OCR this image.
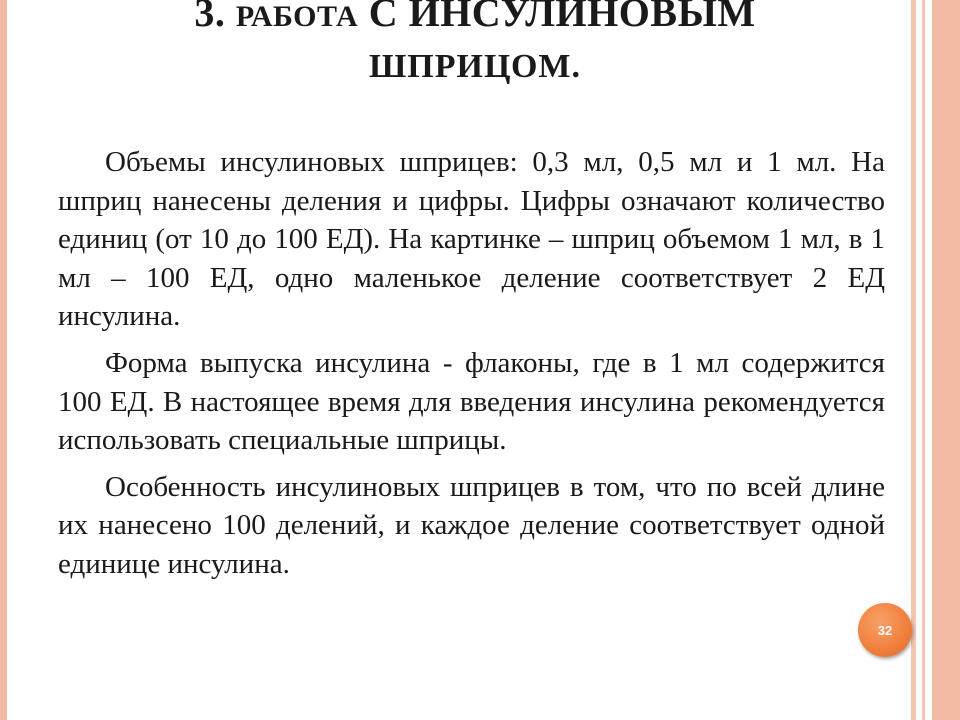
3. РАБОТА С ИНСУЛИНОВЫМ
ШПРИЦОМ.

Объемы инсулиновых шприцев: 0,3 мл, 0,5 мл и 1 мл. На шприц нанесены деления и цифры. Цифры означают количество единиц (от 10 до 100 ЕД). На картинке – шприц объемом 1 мл, в 1 мл – 100 ЕД, одно маленькое деление соответствует 2 ЕД инсулина.

Форма выпуска инсулина - флаконы, где в 1 мл содержится 100 ЕД. В настоящее время для введения инсулина рекомендуется использовать специальные шприцы.

Особенность инсулиновых шприцев в том, что по всей длине их нанесено 100 делений, и каждое деление соответствует одной единице инсулина.

32
